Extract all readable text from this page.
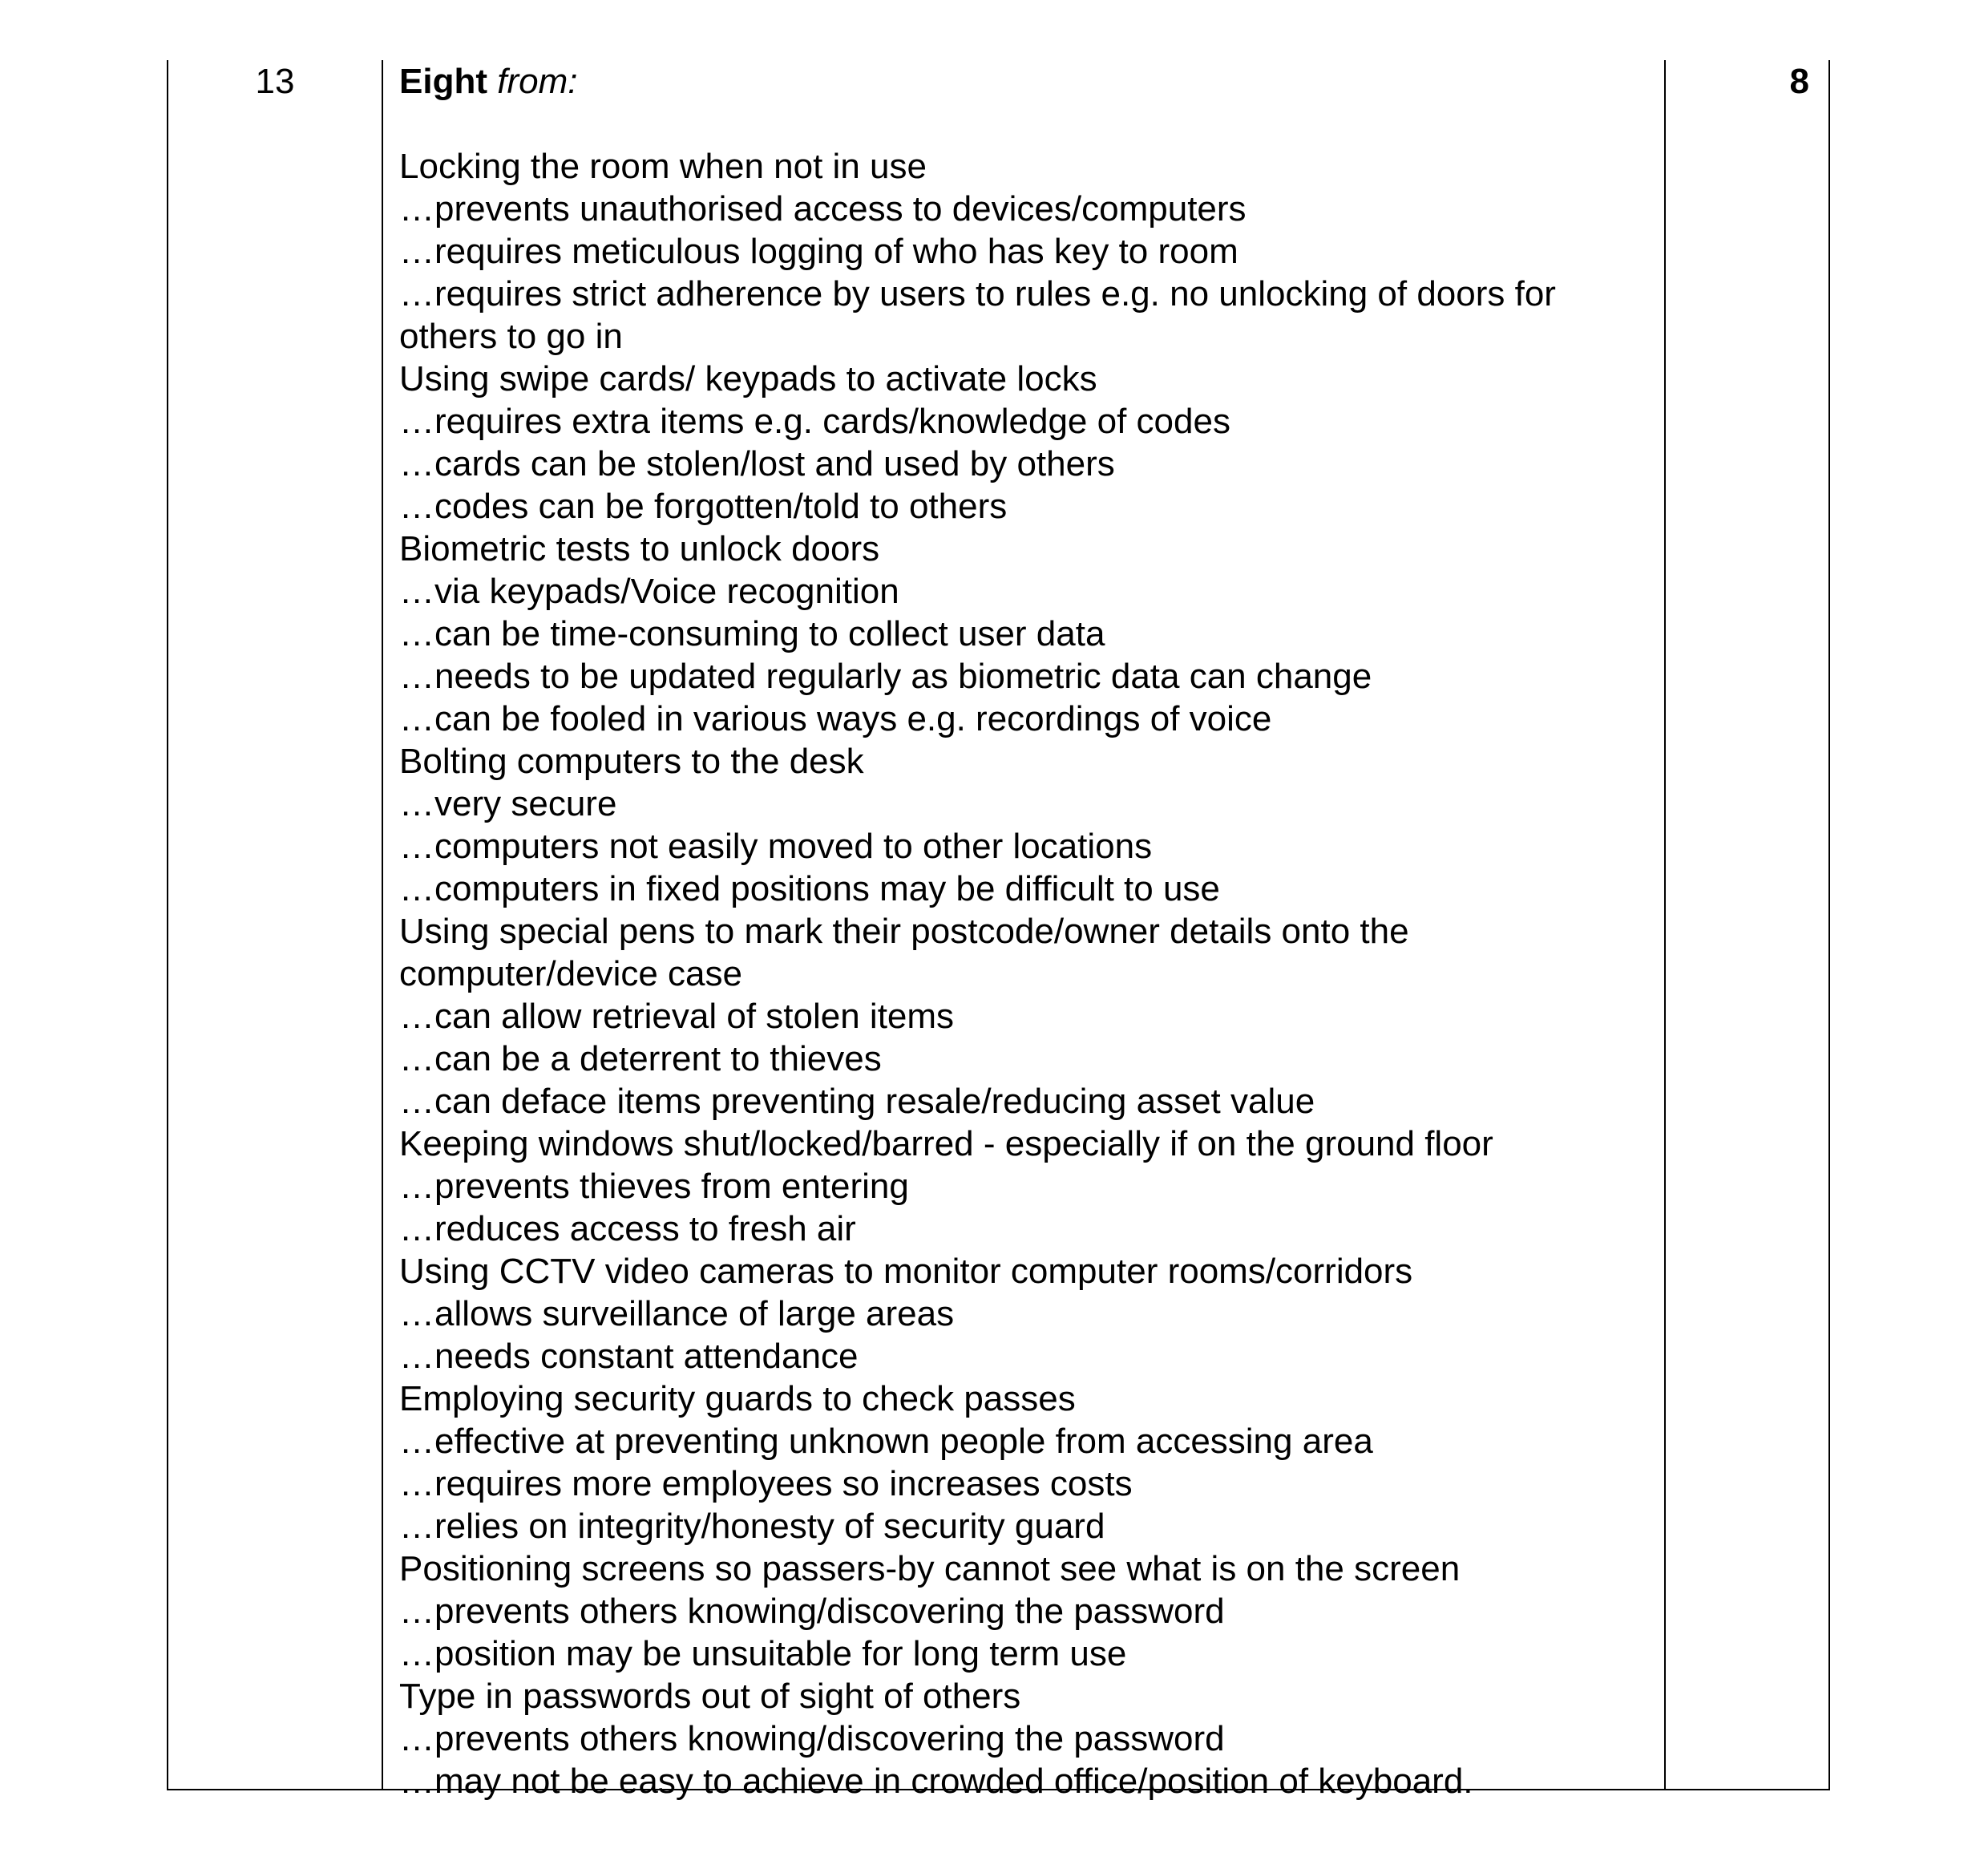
13	Eight from:
Locking the room when not in use
…prevents unauthorised access to devices/computers
…requires meticulous logging of who has key to room
…requires strict adherence by users to rules e.g. no unlocking of doors for others to go in
Using swipe cards/ keypads to activate locks
…requires extra items e.g. cards/knowledge of codes
…cards can be stolen/lost and used by others
…codes can be forgotten/told to others
Biometric tests to unlock doors
…via keypads/Voice recognition
…can be time-consuming to collect user data
…needs to be updated regularly as biometric data can change
…can be fooled in various ways e.g. recordings of voice
Bolting computers to the desk
…very secure
…computers not easily moved to other locations
…computers in fixed positions may be difficult to use
Using special pens to mark their postcode/owner details onto the computer/device case
…can allow retrieval of stolen items
…can be a deterrent to thieves
…can deface items preventing resale/reducing asset value
Keeping windows shut/locked/barred - especially if on the ground floor
…prevents thieves from entering
…reduces access to fresh air
Using CCTV video cameras to monitor computer rooms/corridors
…allows surveillance of large areas
…needs constant attendance
Employing security guards to check passes
…effective at preventing unknown people from accessing area
…requires more employees so increases costs
…relies on integrity/honesty of security guard
Positioning screens so passers-by cannot see what is on the screen
…prevents others knowing/discovering the password
…position may be unsuitable for long term use
Type in passwords out of sight of others
…prevents others knowing/discovering the password
…may not be easy to achieve in crowded office/position of keyboard.
8
